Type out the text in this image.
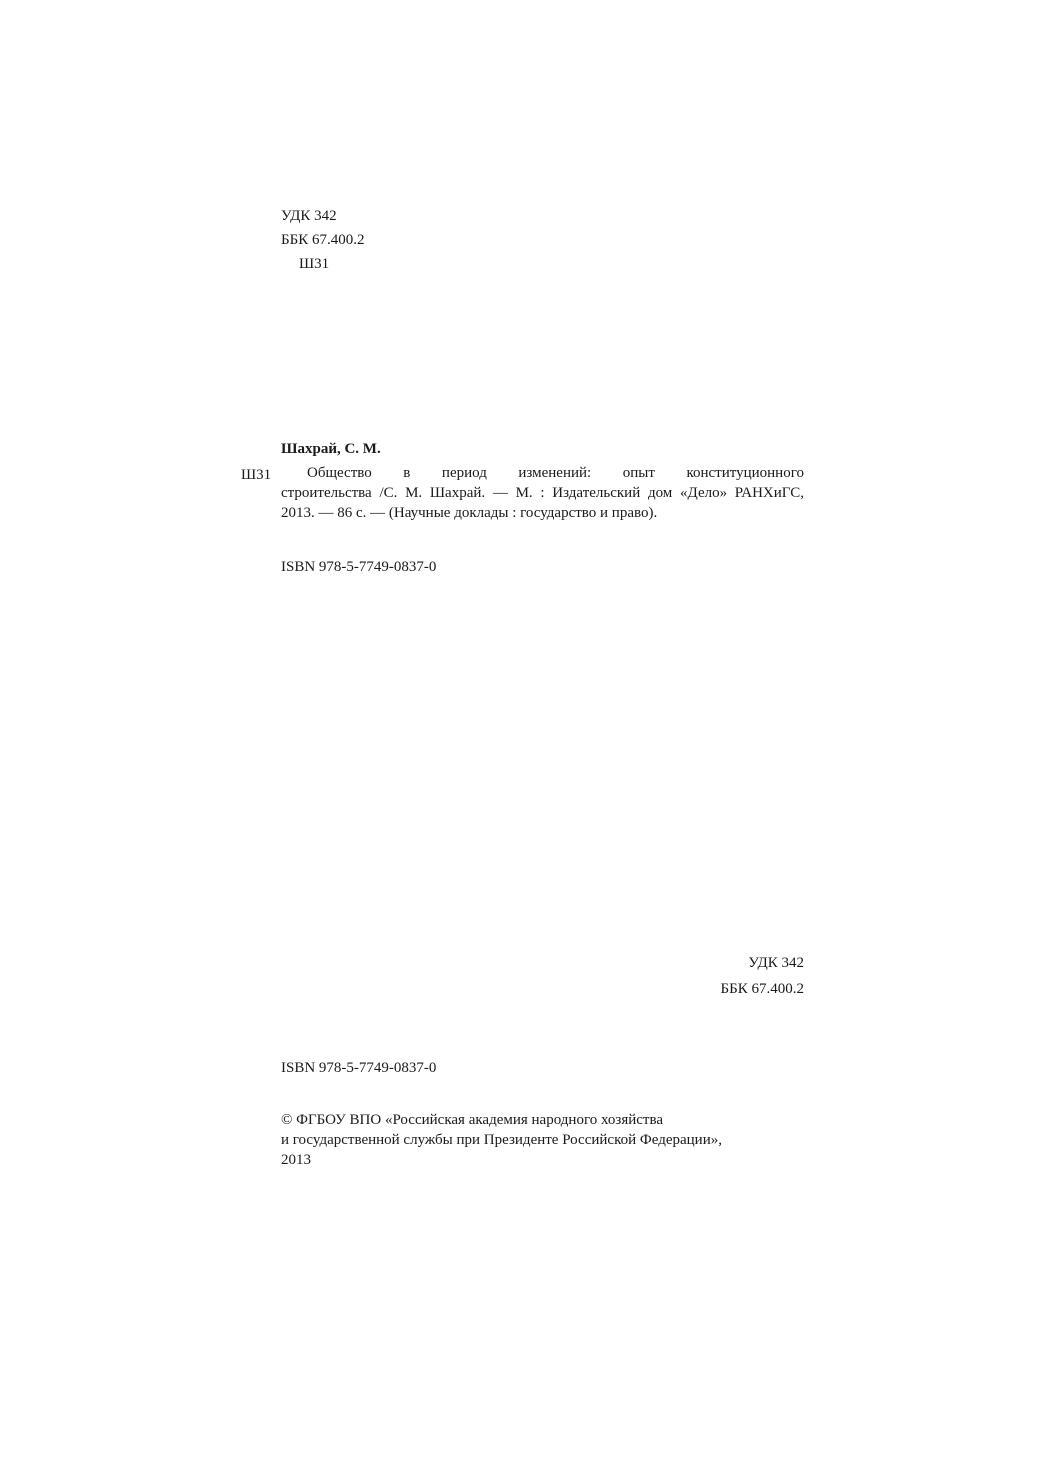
УДК 342
ББК 67.400.2
Ш31
Шахрай, С. М.
Ш31	Общество в период изменений: опыт конституционного
строительства /С. М. Шахрай. — М. : Издательский дом «Дело» РАНХиГС,
2013. — 86 с. — (Научные доклады : государство и право).
ISBN 978-5-7749-0837-0
УДК 342
ББК 67.400.2
ISBN 978-5-7749-0837-0
© ФГБОУ ВПО «Российская академия народного хозяйства
и государственной службы при Президенте Российской Федерации»,
2013
